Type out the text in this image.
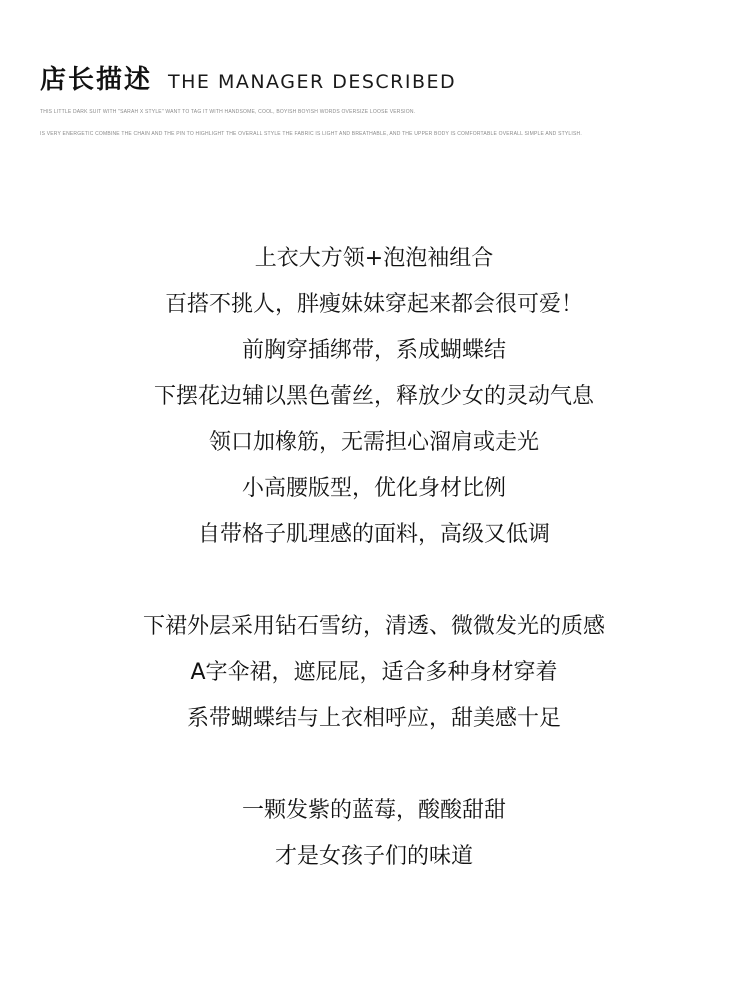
店长描述 THE MANAGER DESCRIBED
THIS LITTLE DARK SUIT WITH "SARAH X STYLE" WANT TO TAG IT WITH HANDSOME, COOL, BOYISH BOYISH WORDS OVERSIZE LOOSE VERSION.
IS VERY ENERGETIC COMBINE THE CHAIN AND THE PIN TO HIGHLIGHT THE OVERALL STYLE THE FABRIC IS LIGHT AND BREATHABLE, AND THE UPPER BODY IS COMFORTABLE OVERALL SIMPLE AND STYLISH.
上衣大方领+泡泡袖组合
百搭不挑人，胖瘦妹妹穿起来都会很可爱！
前胸穿插绑带，系成蝴蝶结
下摆花边辅以黑色蕾丝，释放少女的灵动气息
领口加橡筋，无需担心溜肩或走光
小高腰版型，优化身材比例
自带格子肌理感的面料，高级又低调
下裙外层采用钻石雪纺，清透、微微发光的质感
A字伞裙，遮屁屁，适合多种身材穿着
系带蝴蝶结与上衣相呼应，甜美感十足
一颗发紫的蓝莓，酸酸甜甜
才是女孩子们的味道
